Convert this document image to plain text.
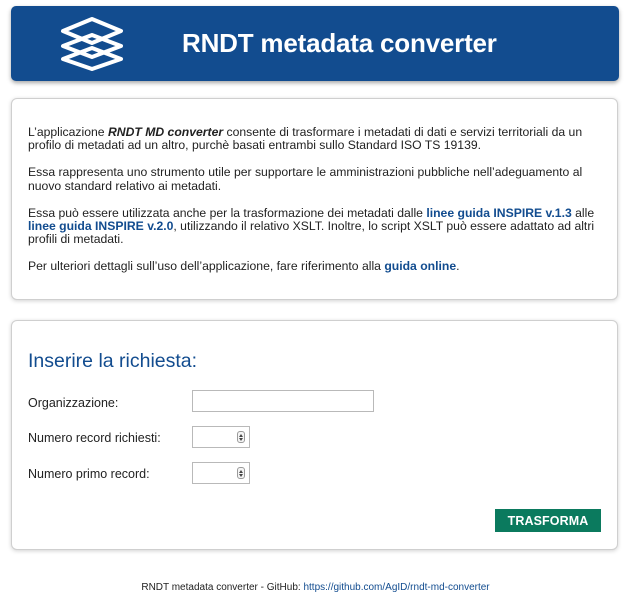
RNDT metadata converter

L’applicazione RNDT MD converter consente di trasformare i metadati di dati e servizi territoriali da un profilo di metadati ad un altro, purchè basati entrambi sullo Standard ISO TS 19139.

Essa rappresenta uno strumento utile per supportare le amministrazioni pubbliche nell’adeguamento al nuovo standard relativo ai metadati.

Essa può essere utilizzata anche per la trasformazione dei metadati dalle linee guida INSPIRE v.1.3 alle linee guida INSPIRE v.2.0, utilizzando il relativo XSLT. Inoltre, lo script XSLT può essere adattato ad altri profili di metadati.

Per ulteriori dettagli sull’uso dell’applicazione, fare riferimento alla guida online.

Inserire la richiesta:
Organizzazione:
Numero record richiesti:
Numero primo record:
TRASFORMA
RNDT metadata converter - GitHub: https://github.com/AgID/rndt-md-converter
